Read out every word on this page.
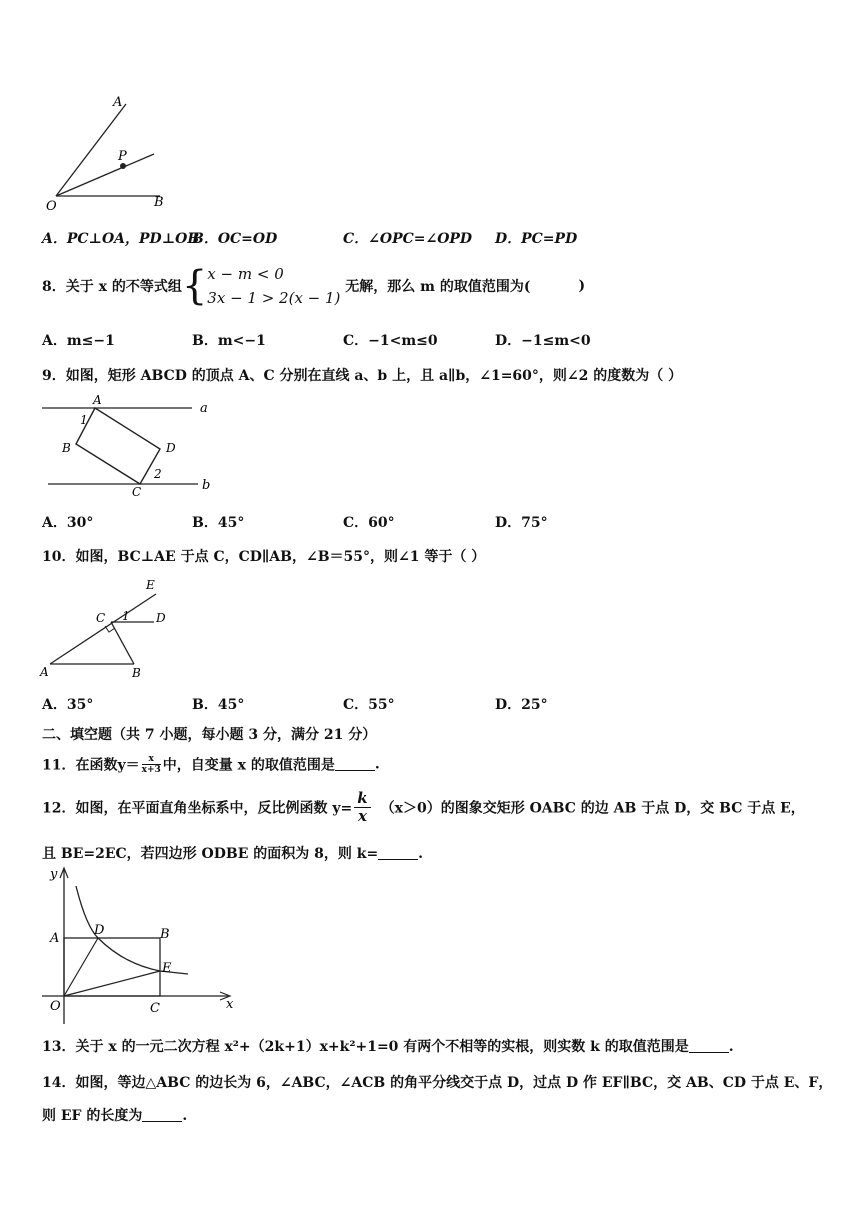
A
P
O	B
A．PC⊥OA，PD⊥OB
B．OC=OD	C．∠OPC=∠OPD D．PC=PD
8．关于 x 的不等式组{ x − m < 0
3x − 1 > 2(x − 1)
无解，那么 m 的取值范围为(	)
A．m≤−1	B．m<−1	C．−1<m≤0	D．−1≤m<0
9．如图，矩形 ABCD 的顶点 A、C 分别在直线 a、b 上，且 a∥b，∠1=60°，则∠2 的度数为（ ）
A
1
B	D
2
C
a
b
A．30°	B．45°	C．60°	D．75°
10．如图，BC⊥AE 于点 C，CD∥AB，∠B＝55°，则∠1 等于（ ）
E
C 1 D
A	B
A．35°	B．45°	C．55°	D．25°
二、填空题（共 7 小题，每小题 3 分，满分 21 分）
11．在函数$y= \frac{x}{x+3}$ 中，自变量 x 的取值范围是	.
12．如图，在平面直角坐标系中，反比例函数 $y= \frac{k}{x} (x>0)$的图象交矩形 OABC 的边 AB 于点 D，交 BC 于点 E，
且 BE=2EC，若四边形 ODBE 的面积为 8，则 k=	.
y
x
A
D	B
E
O	C
13．关于 x 的一元二次方程 x²+（2k+1）x+k²+1=0 有两个不相等的实根，则实数 k 的取值范围是	.
14．如图，等边△ABC 的边长为 6，∠ABC，∠ACB 的角平分线交于点 D，过点 D 作 EF∥BC，交 AB、CD 于点 E、F，
则 EF 的长度为	.
